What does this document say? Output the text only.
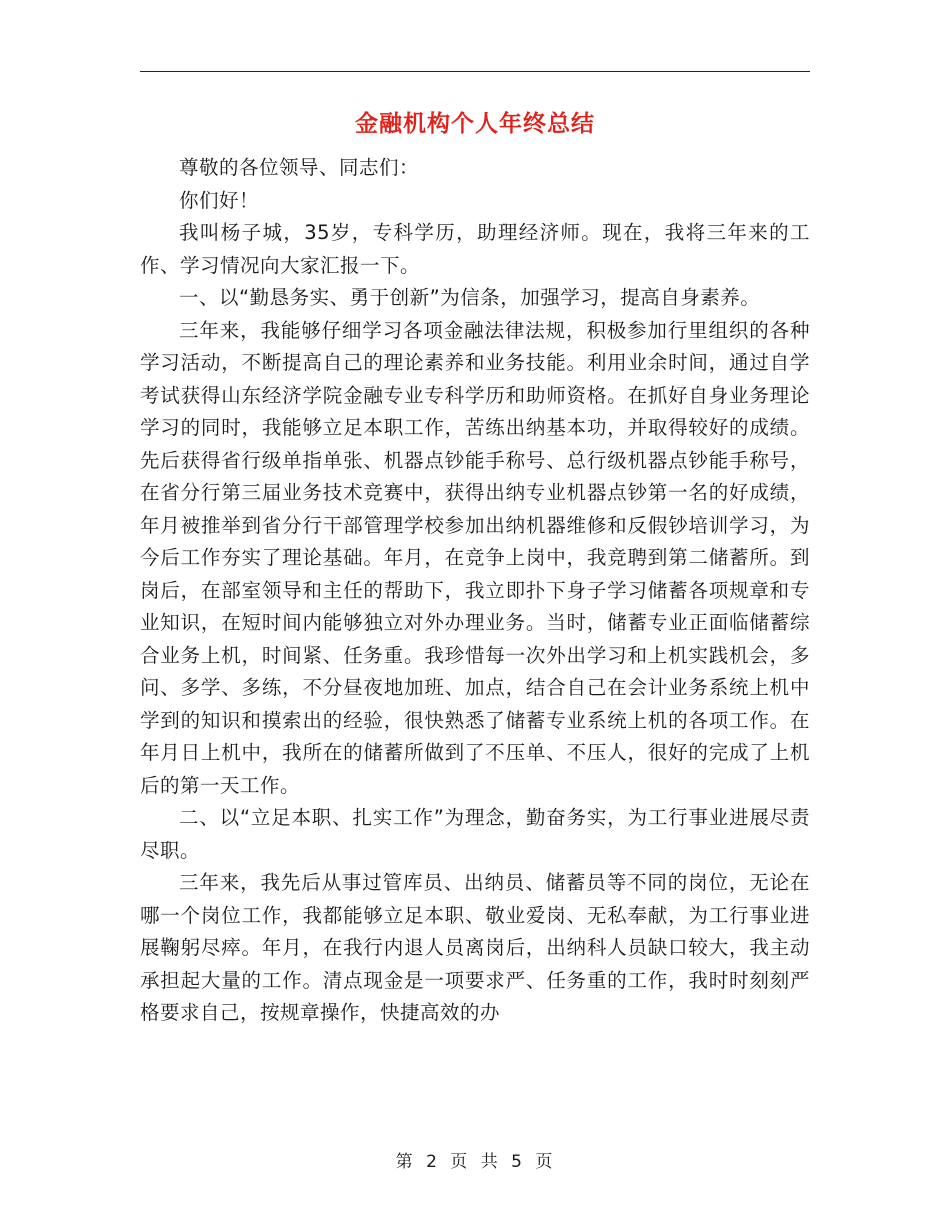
金融机构个人年终总结

尊敬的各位领导、同志们：

你们好！

我叫杨子城，35岁，专科学历，助理经济师。现在，我将三年来的工作、学习情况向大家汇报一下。

一、以“勤恳务实、勇于创新”为信条，加强学习，提高自身素养。

三年来，我能够仔细学习各项金融法律法规，积极参加行里组织的各种学习活动，不断提高自己的理论素养和业务技能。利用业余时间，通过自学考试获得山东经济学院金融专业专科学历和助师资格。在抓好自身业务理论学习的同时，我能够立足本职工作，苦练出纳基本功，并取得较好的成绩。先后获得省行级单指单张、机器点钞能手称号、总行级机器点钞能手称号，在省分行第三届业务技术竞赛中，获得出纳专业机器点钞第一名的好成绩，年月被推举到省分行干部管理学校参加出纳机器维修和反假钞培训学习，为今后工作夯实了理论基础。年月，在竞争上岗中，我竞聘到第二储蓄所。到岗后，在部室领导和主任的帮助下，我立即扑下身子学习储蓄各项规章和专业知识，在短时间内能够独立对外办理业务。当时，储蓄专业正面临储蓄综合业务上机，时间紧、任务重。我珍惜每一次外出学习和上机实践机会，多问、多学、多练，不分昼夜地加班、加点，结合自己在会计业务系统上机中学到的知识和摸索出的经验，很快熟悉了储蓄专业系统上机的各项工作。在年月日上机中，我所在的储蓄所做到了不压单、不压人，很好的完成了上机后的第一天工作。

二、以“立足本职、扎实工作”为理念，勤奋务实，为工行事业进展尽责尽职。

三年来，我先后从事过管库员、出纳员、储蓄员等不同的岗位，无论在哪一个岗位工作，我都能够立足本职、敬业爱岗、无私奉献，为工行事业进展鞠躬尽瘁。年月，在我行内退人员离岗后，出纳科人员缺口较大，我主动承担起大量的工作。清点现金是一项要求严、任务重的工作，我时时刻刻严格要求自己，按规章操作，快捷高效的办

第 2 页 共 5 页
